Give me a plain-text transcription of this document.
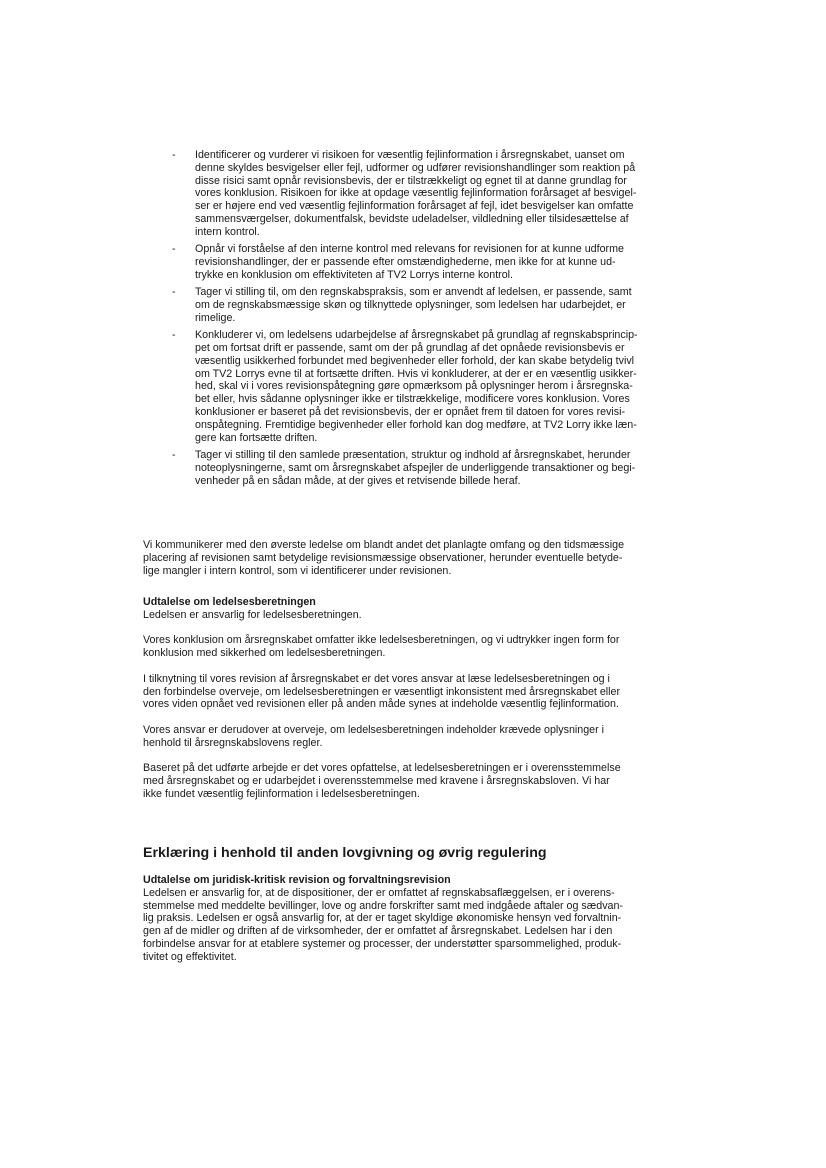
- Identificerer og vurderer vi risikoen for væsentlig fejlinformation i årsregnskabet, uanset om
denne skyldes besvigelser eller fejl, udformer og udfører revisionshandlinger som reaktion på
disse risici samt opnår revisionsbevis, der er tilstrækkeligt og egnet til at danne grundlag for
vores konklusion. Risikoen for ikke at opdage væsentlig fejlinformation forårsaget af besvigel-
ser er højere end ved væsentlig fejlinformation forårsaget af fejl, idet besvigelser kan omfatte
sammensværgelser, dokumentfalsk, bevidste udeladelser, vildledning eller tilsidesættelse af
intern kontrol.
- Opnår vi forståelse af den interne kontrol med relevans for revisionen for at kunne udforme
revisionshandlinger, der er passende efter omstændighederne, men ikke for at kunne ud-
trykke en konklusion om effektiviteten af TV2 Lorrys interne kontrol.
- Tager vi stilling til, om den regnskabspraksis, som er anvendt af ledelsen, er passende, samt
om de regnskabsmæssige skøn og tilknyttede oplysninger, som ledelsen har udarbejdet, er
rimelige.
- Konkluderer vi, om ledelsens udarbejdelse af årsregnskabet på grundlag af regnskabsprincip-
pet om fortsat drift er passende, samt om der på grundlag af det opnåede revisionsbevis er
væsentlig usikkerhed forbundet med begivenheder eller forhold, der kan skabe betydelig tvivl
om TV2 Lorrys evne til at fortsætte driften. Hvis vi konkluderer, at der er en væsentlig usikker-
hed, skal vi i vores revisionspåtegning gøre opmærksom på oplysninger herom i årsregnska-
bet eller, hvis sådanne oplysninger ikke er tilstrækkelige, modificere vores konklusion. Vores
konklusioner er baseret på det revisionsbevis, der er opnået frem til datoen for vores revisi-
onspåtegning. Fremtidige begivenheder eller forhold kan dog medføre, at TV2 Lorry ikke læn-
gere kan fortsætte driften.
- Tager vi stilling til den samlede præsentation, struktur og indhold af årsregnskabet, herunder
noteoplysningerne, samt om årsregnskabet afspejler de underliggende transaktioner og begi-
venheder på en sådan måde, at der gives et retvisende billede heraf.
Vi kommunikerer med den øverste ledelse om blandt andet det planlagte omfang og den tidsmæssige
placering af revisionen samt betydelige revisionsmæssige observationer, herunder eventuelle betyde-
lige mangler i intern kontrol, som vi identificerer under revisionen.
Udtalelse om ledelsesberetningen
Ledelsen er ansvarlig for ledelsesberetningen.
Vores konklusion om årsregnskabet omfatter ikke ledelsesberetningen, og vi udtrykker ingen form for
konklusion med sikkerhed om ledelsesberetningen.
I tilknytning til vores revision af årsregnskabet er det vores ansvar at læse ledelsesberetningen og i
den forbindelse overveje, om ledelsesberetningen er væsentligt inkonsistent med årsregnskabet eller
vores viden opnået ved revisionen eller på anden måde synes at indeholde væsentlig fejlinformation.
Vores ansvar er derudover at overveje, om ledelsesberetningen indeholder krævede oplysninger i
henhold til årsregnskabslovens regler.
Baseret på det udførte arbejde er det vores opfattelse, at ledelsesberetningen er i overensstemmelse
med årsregnskabet og er udarbejdet i overensstemmelse med kravene i årsregnskabsloven. Vi har
ikke fundet væsentlig fejlinformation i ledelsesberetningen.
Erklæring i henhold til anden lovgivning og øvrig regulering
Udtalelse om juridisk-kritisk revision og forvaltningsrevision
Ledelsen er ansvarlig for, at de dispositioner, der er omfattet af regnskabsaflæggelsen, er i overens-
stemmelse med meddelte bevillinger, love og andre forskrifter samt med indgåede aftaler og sædvan-
lig praksis. Ledelsen er også ansvarlig for, at der er taget skyldige økonomiske hensyn ved forvaltnin-
gen af de midler og driften af de virksomheder, der er omfattet af årsregnskabet. Ledelsen har i den
forbindelse ansvar for at etablere systemer og processer, der understøtter sparsommelighed, produk-
tivitet og effektivitet.
